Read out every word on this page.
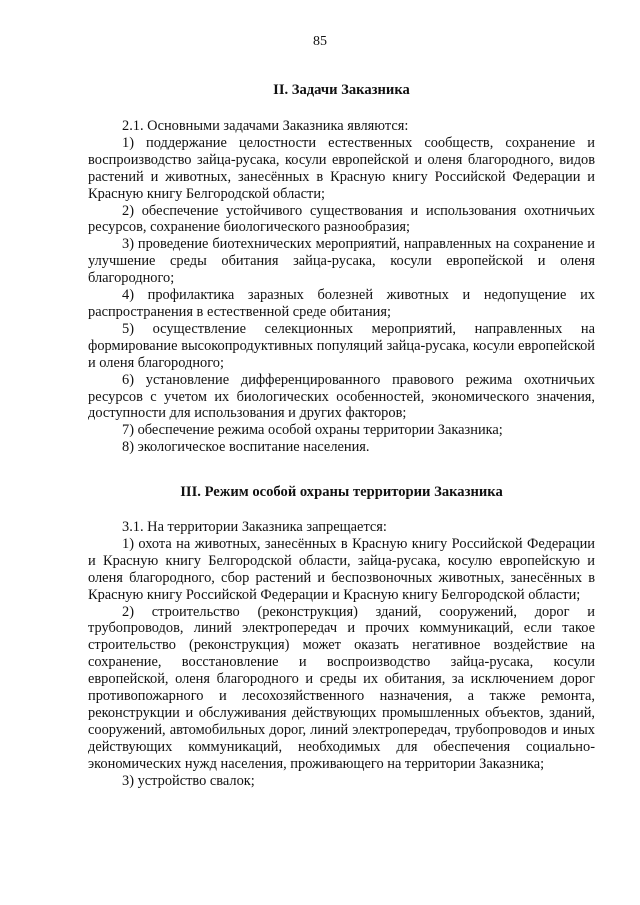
85
II. Задачи Заказника

2.1. Основными задачами Заказника являются:

1) поддержание целостности естественных сообществ, сохранение и воспроизводство зайца-русака, косули европейской и оленя благородного, видов растений и животных, занесённых в Красную книгу Российской Федерации и Красную книгу Белгородской области;

2) обеспечение устойчивого существования и использования охотничьих ресурсов, сохранение биологического разнообразия;

3) проведение биотехнических мероприятий, направленных на сохранение и улучшение среды обитания зайца-русака, косули европейской и оленя благородного;

4) профилактика заразных болезней животных и недопущение их распространения в естественной среде обитания;

5) осуществление селекционных мероприятий, направленных на формирование высокопродуктивных популяций зайца-русака, косули европейской и оленя благородного;

6) установление дифференцированного правового режима охотничьих ресурсов с учетом их биологических особенностей, экономического значения, доступности для использования и других факторов;

7) обеспечение режима особой охраны территории Заказника;

8) экологическое воспитание населения.

III. Режим особой охраны территории Заказника

3.1. На территории Заказника запрещается:

1) охота на животных, занесённых в Красную книгу Российской Федерации и Красную книгу Белгородской области, зайца-русака, косулю европейскую и оленя благородного, сбор растений и беспозвоночных животных, занесённых в Красную книгу Российской Федерации и Красную книгу Белгородской области;

2) строительство (реконструкция) зданий, сооружений, дорог и трубопроводов, линий электропередач и прочих коммуникаций, если такое строительство (реконструкция) может оказать негативное воздействие на сохранение, восстановление и воспроизводство зайца-русака, косули европейской, оленя благородного и среды их обитания, за исключением дорог противопожарного и лесохозяйственного назначения, а также ремонта, реконструкции и обслуживания действующих промышленных объектов, зданий, сооружений, автомобильных дорог, линий электропередач, трубопроводов и иных действующих коммуникаций, необходимых для обеспечения социально-экономических нужд населения, проживающего на территории Заказника;

3) устройство свалок;
